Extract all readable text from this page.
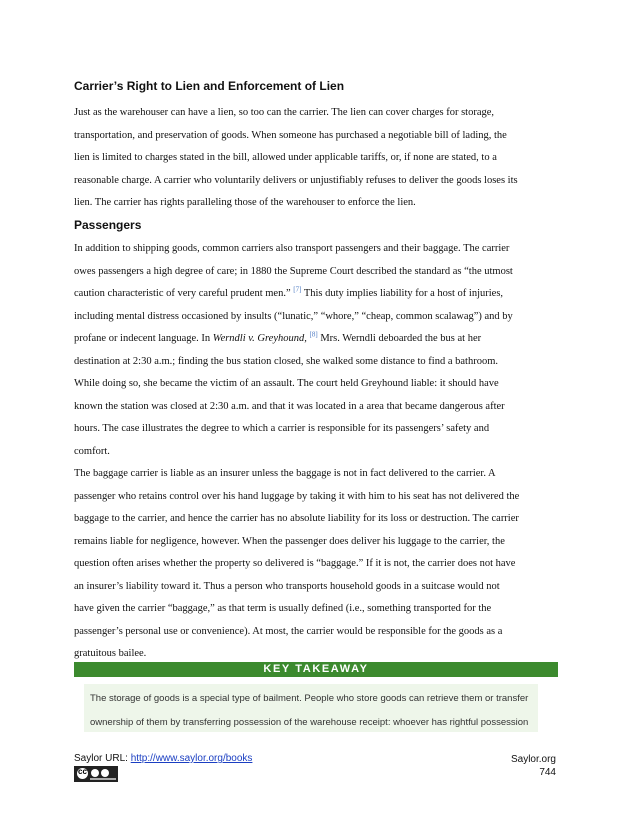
Carrier’s Right to Lien and Enforcement of Lien

Just as the warehouser can have a lien, so too can the carrier. The lien can cover charges for storage,
transportation, and preservation of goods. When someone has purchased a negotiable bill of lading, the
lien is limited to charges stated in the bill, allowed under applicable tariffs, or, if none are stated, to a
reasonable charge. A carrier who voluntarily delivers or unjustifiably refuses to deliver the goods loses its
lien. The carrier has rights paralleling those of the warehouser to enforce the lien.

Passengers

In addition to shipping goods, common carriers also transport passengers and their baggage. The carrier
owes passengers a high degree of care; in 1880 the Supreme Court described the standard as “the utmost
caution characteristic of very careful prudent men.” [7] This duty implies liability for a host of injuries,
including mental distress occasioned by insults (“lunatic,” “whore,” “cheap, common scalawag”) and by
profane or indecent language. In Werndli v. Greyhound, [8] Mrs. Werndli deboarded the bus at her
destination at 2:30 a.m.; finding the bus station closed, she walked some distance to find a bathroom.
While doing so, she became the victim of an assault. The court held Greyhound liable: it should have
known the station was closed at 2:30 a.m. and that it was located in a area that became dangerous after
hours. The case illustrates the degree to which a carrier is responsible for its passengers’ safety and
comfort.

The baggage carrier is liable as an insurer unless the baggage is not in fact delivered to the carrier. A
passenger who retains control over his hand luggage by taking it with him to his seat has not delivered the
baggage to the carrier, and hence the carrier has no absolute liability for its loss or destruction. The carrier
remains liable for negligence, however. When the passenger does deliver his luggage to the carrier, the
question often arises whether the property so delivered is “baggage.” If it is not, the carrier does not have
an insurer’s liability toward it. Thus a person who transports household goods in a suitcase would not
have given the carrier “baggage,” as that term is usually defined (i.e., something transported for the
passenger’s personal use or convenience). At most, the carrier would be responsible for the goods as a
gratuitous bailee.

KEY TAKEAWAY

The storage of goods is a special type of bailment. People who store goods can retrieve them or transfer
ownership of them by transferring possession of the warehouse receipt: whoever has rightful possession

Saylor URL: http://www.saylor.org/books
cc	Saylor.org
744
